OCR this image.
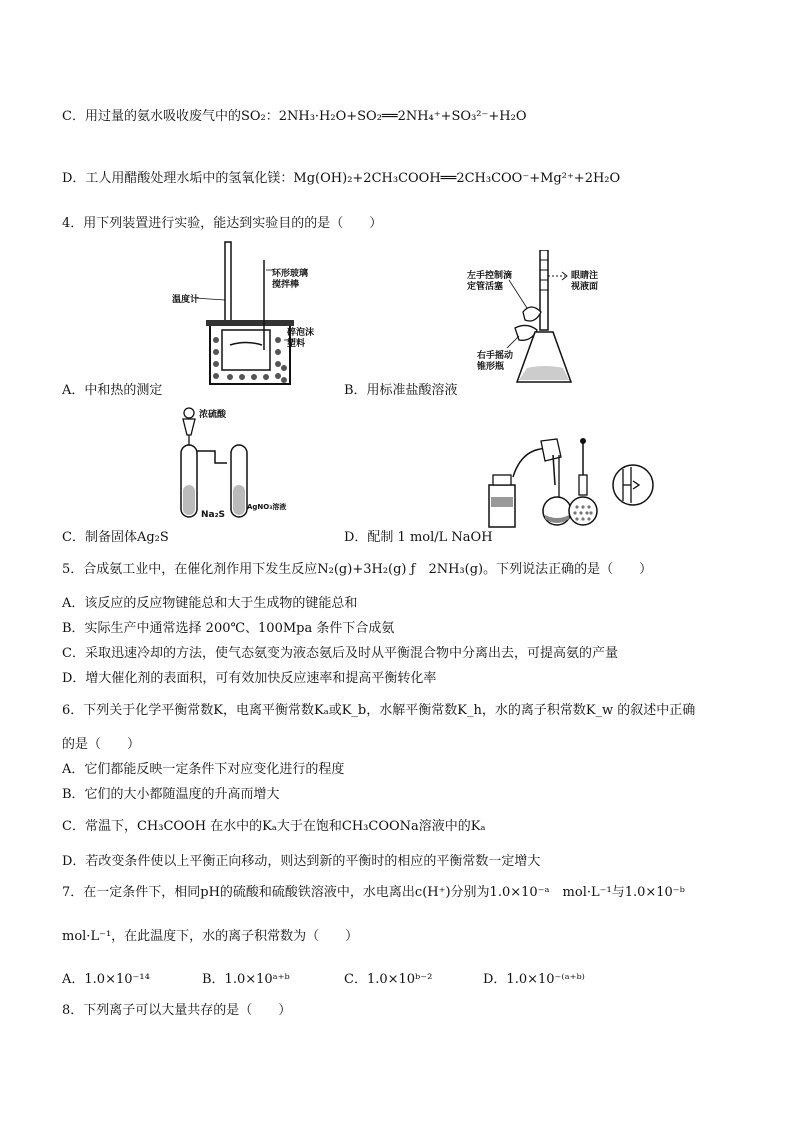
C．用过量的氨水吸收废气中的SO₂：2NH₃·H₂O+SO₂══2NH₄⁺+SO₃²⁻+H₂O
D．工人用醋酸处理水垢中的氢氧化镁：Mg(OH)₂+2CH₃COOH══2CH₃COO⁻+Mg²⁺+2H₂O
4．用下列装置进行实验，能达到实验目的的是（　　）
温度计
环形玻璃
搅拌棒
碎泡沫
塑料
A．中和热的测定
左手控制滴
定管活塞
眼睛注
视液面
右手摇动
锥形瓶
B．用标准盐酸溶液
浓硫酸
Na₂S
AgNO₃溶液
C．制备固体Ag₂S	D．配制 1 mol/L NaOH
5．合成氨工业中，在催化剂作用下发生反应N₂(g)+3H₂(g) ƒ　2NH₃(g)。下列说法正确的是（　　）
A．该反应的反应物键能总和大于生成物的键能总和
B．实际生产中通常选择 200℃、100Mpa 条件下合成氨
C．采取迅速冷却的方法，使气态氨变为液态氨后及时从平衡混合物中分离出去，可提高氨的产量
D．增大催化剂的表面积，可有效加快反应速率和提高平衡转化率
6．下列关于化学平衡常数K，电离平衡常数Kₐ或K_b，水解平衡常数K_h，水的离子积常数K_w 的叙述中正确
的是（　　）
A．它们都能反映一定条件下对应变化进行的程度
B．它们的大小都随温度的升高而增大
C．常温下，CH₃COOH 在水中的Kₐ大于在饱和CH₃COONa溶液中的Kₐ
D．若改变条件使以上平衡正向移动，则达到新的平衡时的相应的平衡常数一定增大
7．在一定条件下，相同pH的硫酸和硫酸铁溶液中，水电离出c(H⁺)分别为1.0×10⁻ᵃ　mol·L⁻¹与1.0×10⁻ᵇ
mol·L⁻¹，在此温度下，水的离子积常数为（　　）
A．1.0×10⁻¹⁴	B．1.0×10ᵃ⁺ᵇ	C．1.0×10ᵇ⁻²	D．1.0×10⁻⁽ᵃ⁺ᵇ⁾
8．下列离子可以大量共存的是（　　）
